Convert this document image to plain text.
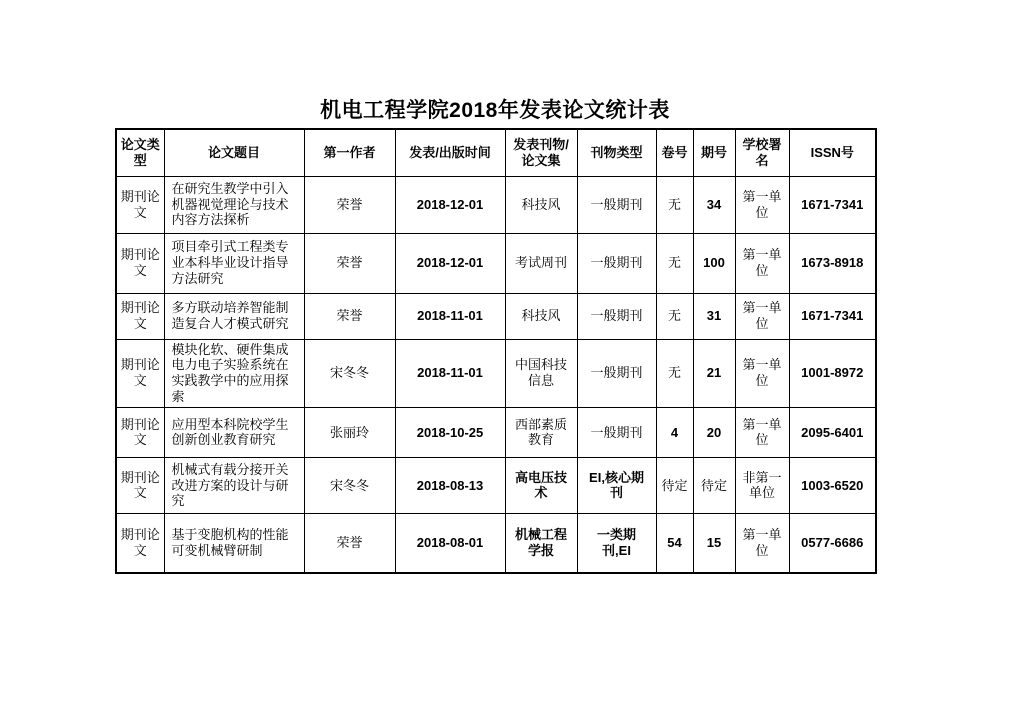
机电工程学院2018年发表论文统计表
论文类型	论文题目	第一作者	发表/出版时间	发表刊物/论文集	刊物类型	卷号	期号	学校署名	ISSN号
期刊论文	在研究生教学中引入机器视觉理论与技术内容方法探析	荣誉	2018-12-01	科技风	一般期刊	无	34	第一单位	1671-7341
期刊论文	项目牵引式工程类专业本科毕业设计指导方法研究	荣誉	2018-12-01	考试周刊	一般期刊	无	100	第一单位	1673-8918
期刊论文	多方联动培养智能制造复合人才模式研究	荣誉	2018-11-01	科技风	一般期刊	无	31	第一单位	1671-7341
期刊论文	模块化软、硬件集成电力电子实验系统在实践教学中的应用探索	宋冬冬	2018-11-01	中国科技信息	一般期刊	无	21	第一单位	1001-8972
期刊论文	应用型本科院校学生创新创业教育研究	张丽玲	2018-10-25	西部素质教育	一般期刊	4	20	第一单位	2095-6401
期刊论文	机械式有载分接开关改进方案的设计与研究	宋冬冬	2018-08-13	高电压技术	EI,核心期刊	待定	待定	非第一单位	1003-6520
期刊论文	基于变胞机构的性能可变机械臂研制	荣誉	2018-08-01	机械工程学报	一类期刊,EI	54	15	第一单位	0577-6686
